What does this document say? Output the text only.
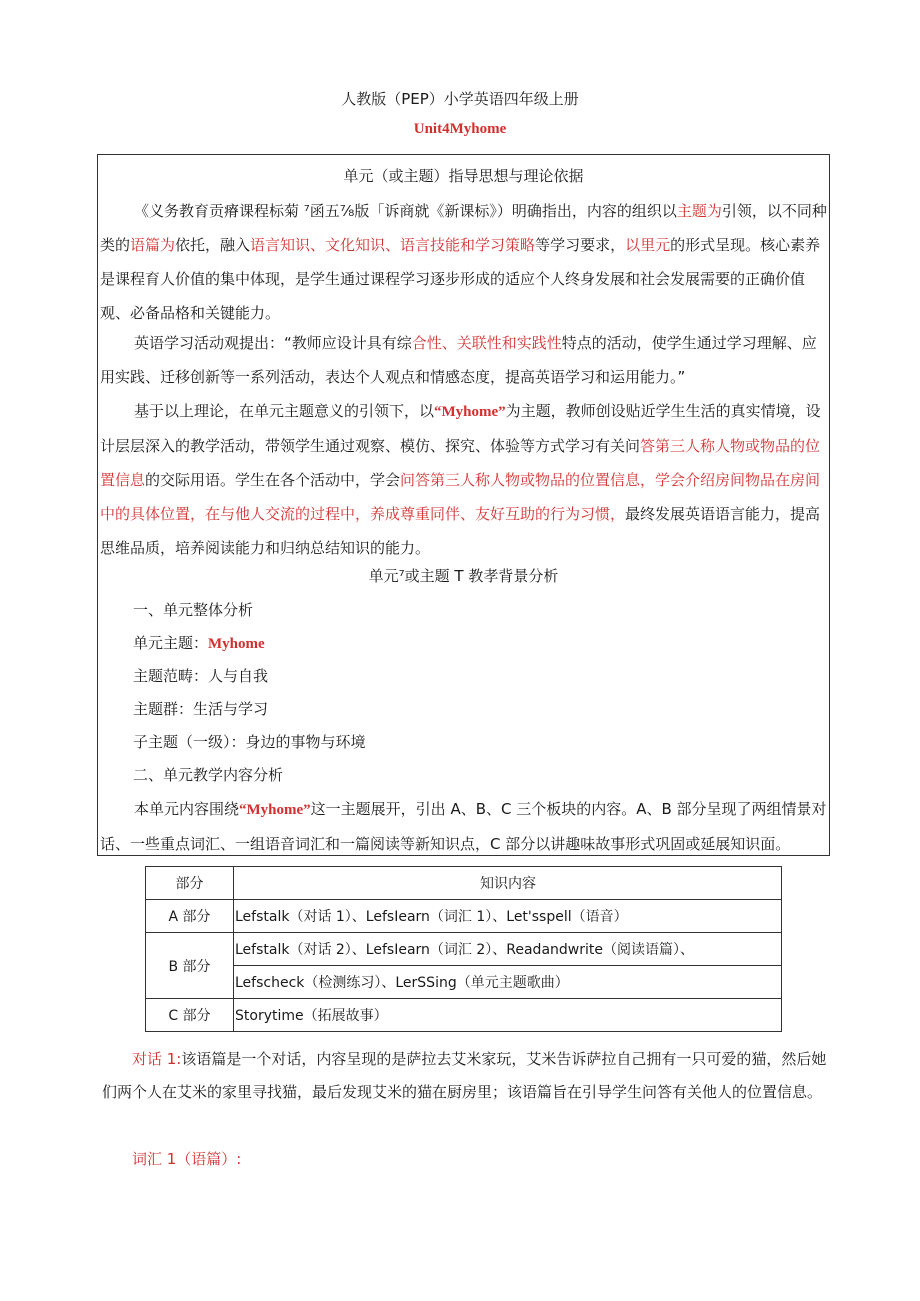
人教版（PEP）小学英语四年级上册
Unit4Myhome
单元（或主题）指导思想与理论依据

《义务教育贡瘠课程标菊 ⁷函五⁷⁄₈版「诉商就《新课标》）明确指出，内容的组织以主题为引领，以不同种类的语篇为依托，融入语言知识、文化知识、语言技能和学习策略等学习要求，以里元的形式呈现。核心素养是课程育人价值的集中体现，是学生通过课程学习逐步形成的适应个人终身发展和社会发展需要的正确价值观、必备品格和关键能力。

英语学习活动观提出：“教师应设计具有综合性、关联性和实践性特点的活动，使学生通过学习理解、应用实践、迁移创新等一系列活动，表达个人观点和情感态度，提高英语学习和运用能力。”

基于以上理论，在单元主题意义的引领下，以“Myhome”为主题，教师创设贴近学生生活的真实情境，设计层层深入的教学活动，带领学生通过观察、模仿、探究、体验等方式学习有关问答第三人称人物或物品的位置信息的交际用语。学生在各个活动中，学会问答第三人称人物或物品的位置信息，学会介绍房间物品在房间中的具体位置，在与他人交流的过程中，养成尊重同伴、友好互助的行为习惯，最终发展英语语言能力，提高思维品质，培养阅读能力和归纳总结知识的能力。

单元⁷或主题 T 教孝背景分析
一、单元整体分析
单元主题：Myhome
主题范畴：人与自我
主题群：生活与学习
子主题（一级）：身边的事物与环境
二、单元教学内容分析

本单元内容围绕“Myhome”这一主题展开，引出 A、B、C 三个板块的内容。A、B 部分呈现了两组情景对话、一些重点词汇、一组语音词汇和一篇阅读等新知识点，C 部分以讲趣味故事形式巩固或延展知识面。

部分	知识内容
A 部分	Lefstalk（对话 1）、LefsIearn（词汇 1）、Let'sspell（语音）
B 部分	Lefstalk（对话 2）、LefsIearn（词汇 2）、Readandwrite（阅读语篇）、
	Lefscheck（检测练习）、LerSSing（单元主题歌曲）
C 部分	Storytime（拓展故事）

对话 1:该语篇是一个对话，内容呈现的是萨拉去艾米家玩，艾米告诉萨拉自己拥有一只可爱的猫，然后她们两个人在艾米的家里寻找猫，最后发现艾米的猫在厨房里；该语篇旨在引导学生问答有关他人的位置信息。

词汇 1（语篇）:
